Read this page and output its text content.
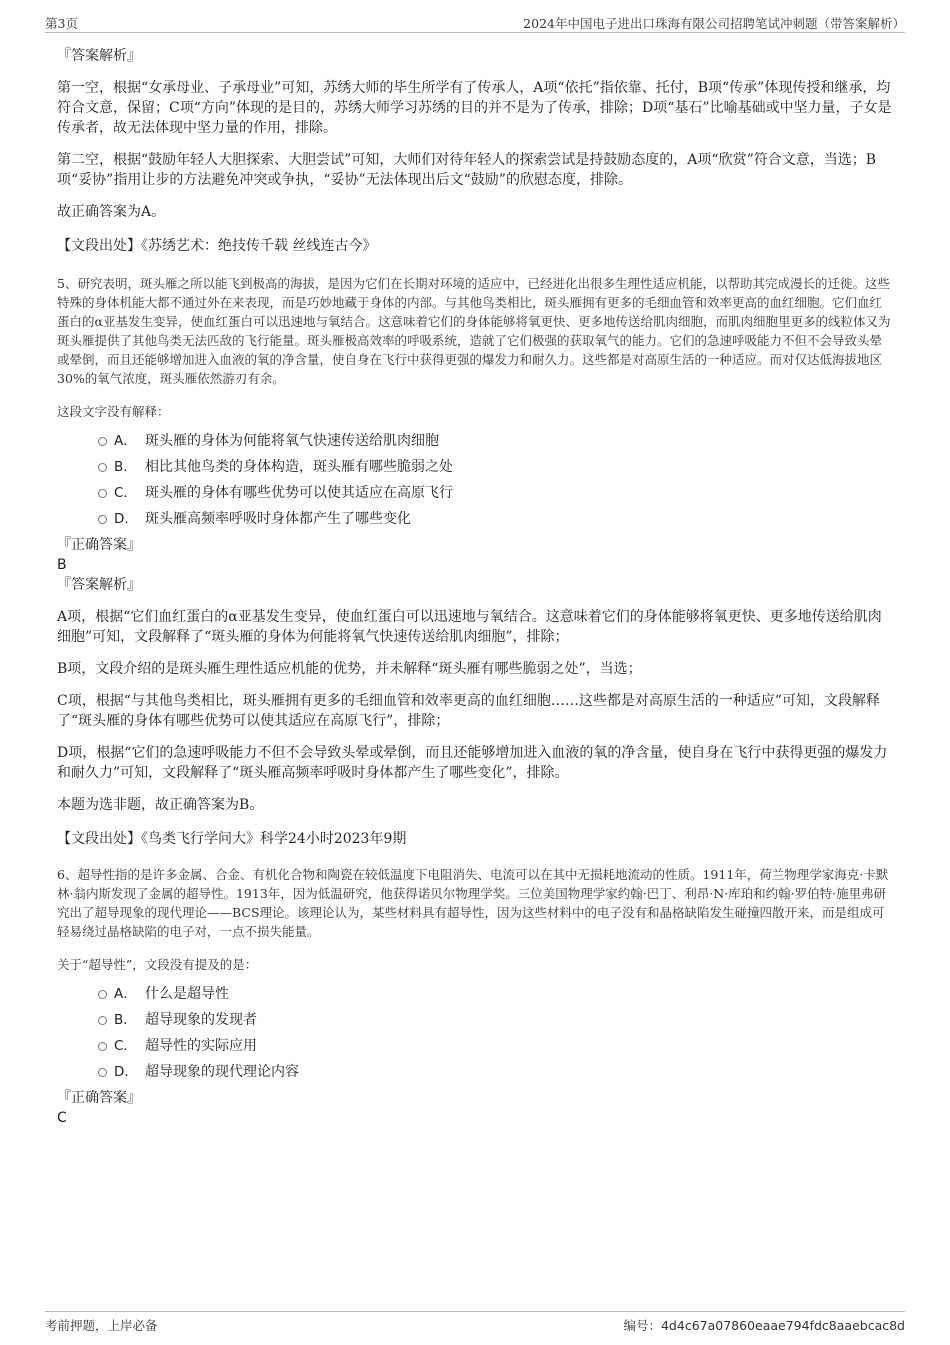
第3页	2024年中国电子进出口珠海有限公司招聘笔试冲刺题（带答案解析）
『答案解析』

第一空，根据“女承母业、子承母业”可知，苏绣大师的毕生所学有了传承人，A项“依托”指依靠、托付，B项“传承”体现传授和继承，均符合文意，保留；C项“方向”体现的是目的，苏绣大师学习苏绣的目的并不是为了传承，排除；D项“基石”比喻基础或中坚力量，子女是传承者，故无法体现中坚力量的作用，排除。

第二空，根据“鼓励年轻人大胆探索、大胆尝试”可知，大师们对待年轻人的探索尝试是持鼓励态度的，A项“欣赏”符合文意，当选；B项“妥协”指用让步的方法避免冲突或争执，“妥协”无法体现出后文“鼓励”的欣慰态度，排除。

故正确答案为A。

【文段出处】《苏绣艺术：绝技传千载 丝线连古今》

5、研究表明，斑头雁之所以能飞到极高的海拔，是因为它们在长期对环境的适应中，已经进化出很多生理性适应机能，以帮助其完成漫长的迁徙。这些特殊的身体机能大都不通过外在来表现，而是巧妙地藏于身体的内部。与其他鸟类相比，斑头雁拥有更多的毛细血管和效率更高的血红细胞。它们血红蛋白的α亚基发生变异，使血红蛋白可以迅速地与氧结合。这意味着它们的身体能够将氧更快、更多地传送给肌肉细胞，而肌肉细胞里更多的线粒体又为斑头雁提供了其他鸟类无法匹敌的飞行能量。斑头雁极高效率的呼吸系统，造就了它们极强的获取氧气的能力。它们的急速呼吸能力不但不会导致头晕或晕倒，而且还能够增加进入血液的氧的净含量，使自身在飞行中获得更强的爆发力和耐久力。这些都是对高原生活的一种适应。而对仅达低海拔地区30%的氧气浓度，斑头雁依然游刃有余。

这段文字没有解释：
A． 斑头雁的身体为何能将氧气快速传送给肌肉细胞
B． 相比其他鸟类的身体构造，斑头雁有哪些脆弱之处
C． 斑头雁的身体有哪些优势可以使其适应在高原飞行
D． 斑头雁高频率呼吸时身体都产生了哪些变化
『正确答案』
B
『答案解析』

A项，根据“它们血红蛋白的α亚基发生变异，使血红蛋白可以迅速地与氧结合。这意味着它们的身体能够将氧更快、更多地传送给肌肉细胞”可知，文段解释了“斑头雁的身体为何能将氧气快速传送给肌肉细胞”，排除；

B项，文段介绍的是斑头雁生理性适应机能的优势，并未解释“斑头雁有哪些脆弱之处”，当选；

C项，根据“与其他鸟类相比，斑头雁拥有更多的毛细血管和效率更高的血红细胞……这些都是对高原生活的一种适应”可知，文段解释了“斑头雁的身体有哪些优势可以使其适应在高原飞行”，排除；

D项，根据“它们的急速呼吸能力不但不会导致头晕或晕倒，而且还能够增加进入血液的氧的净含量，使自身在飞行中获得更强的爆发力和耐久力”可知，文段解释了“斑头雁高频率呼吸时身体都产生了哪些变化”，排除。

本题为选非题，故正确答案为B。

【文段出处】《鸟类飞行学问大》科学24小时2023年9期

6、超导性指的是许多金属、合金、有机化合物和陶瓷在较低温度下电阻消失、电流可以在其中无损耗地流动的性质。1911年，荷兰物理学家海克·卡默林·翁内斯发现了金属的超导性。1913年，因为低温研究，他获得诺贝尔物理学奖。三位美国物理学家约翰·巴丁、利昂·N·库珀和约翰·罗伯特·施里弗研究出了超导现象的现代理论——BCS理论。该理论认为，某些材料具有超导性，因为这些材料中的电子没有和晶格缺陷发生碰撞四散开来，而是组成可轻易绕过晶格缺陷的电子对，一点不损失能量。

关于“超导性”，文段没有提及的是：
A． 什么是超导性
B． 超导现象的发现者
C． 超导性的实际应用
D． 超导现象的现代理论内容
『正确答案』
C
考前押题，上岸必备	编号：4d4c67a07860eaae794fdc8aaebcac8d
